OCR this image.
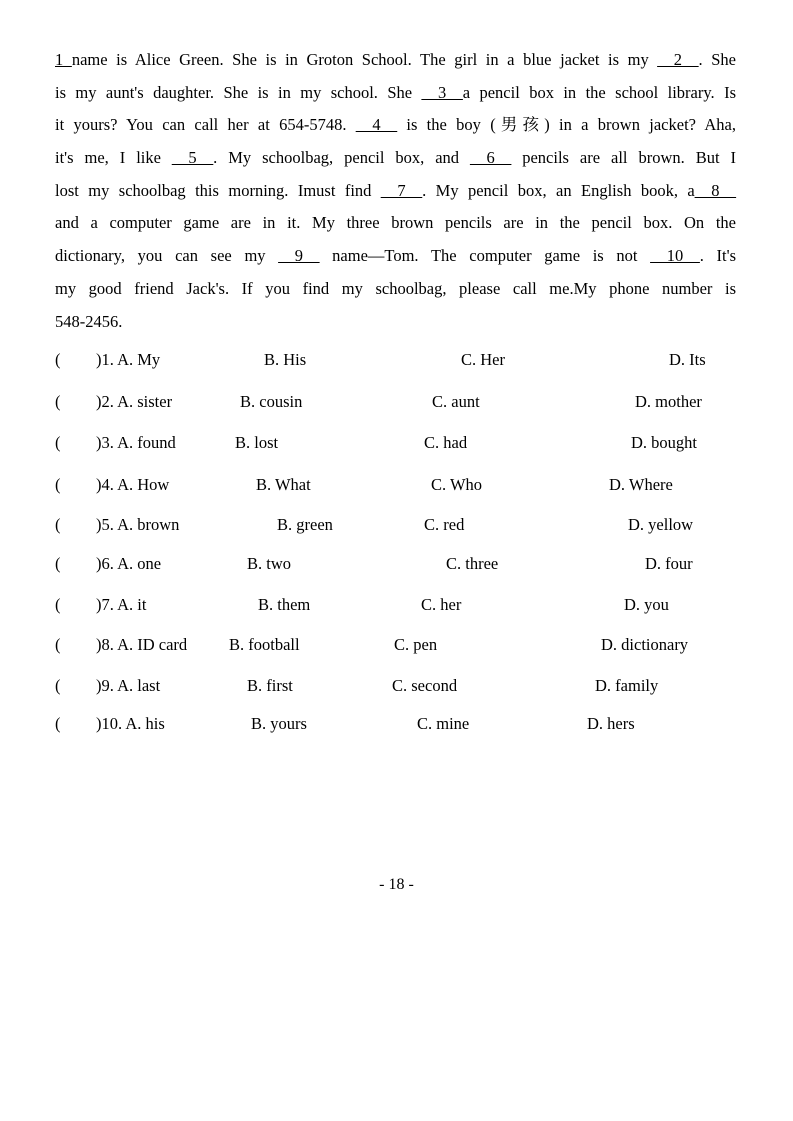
1 name is Alice Green. She is in Groton School. The girl in a blue jacket is my __2__. She
is my aunt's daughter. She is in my school. She __3__a pencil box in the school library. Is
it yours? You can call her at 654-5748. __4__ is the boy (男孩) in a brown jacket? Aha,
it's me, I like __5__. My schoolbag, pencil box, and __6__ pencils are all brown. But I
lost my schoolbag this morning. Imust find __7__. My pencil box, an English book, a__8__
and a computer game are in it. My three brown pencils are in the pencil box. On the
dictionary, you can see my __9__ name—Tom. The computer game is not __10__. It's
my good friend Jack's. If you find my schoolbag, please call me.My phone number is
548-2456.
( )1. A. My	B. His	C. Her	D. Its
( )2. A. sister	B. cousin	C. aunt	D. mother
( )3. A. found	B. lost	C. had	D. bought
( )4. A. How	B. What	C. Who	D. Where
( )5. A. brown	B. green	C. red	D. yellow
( )6. A. one	B. two	C. three	D. four
( )7. A. it	B. them	C. her	D. you
( )8. A. ID card	B. football	C. pen	D. dictionary
( )9. A. last	B. first	C. second	D. family
( )10. A. his	B. yours	C. mine	D. hers
- 18 -
